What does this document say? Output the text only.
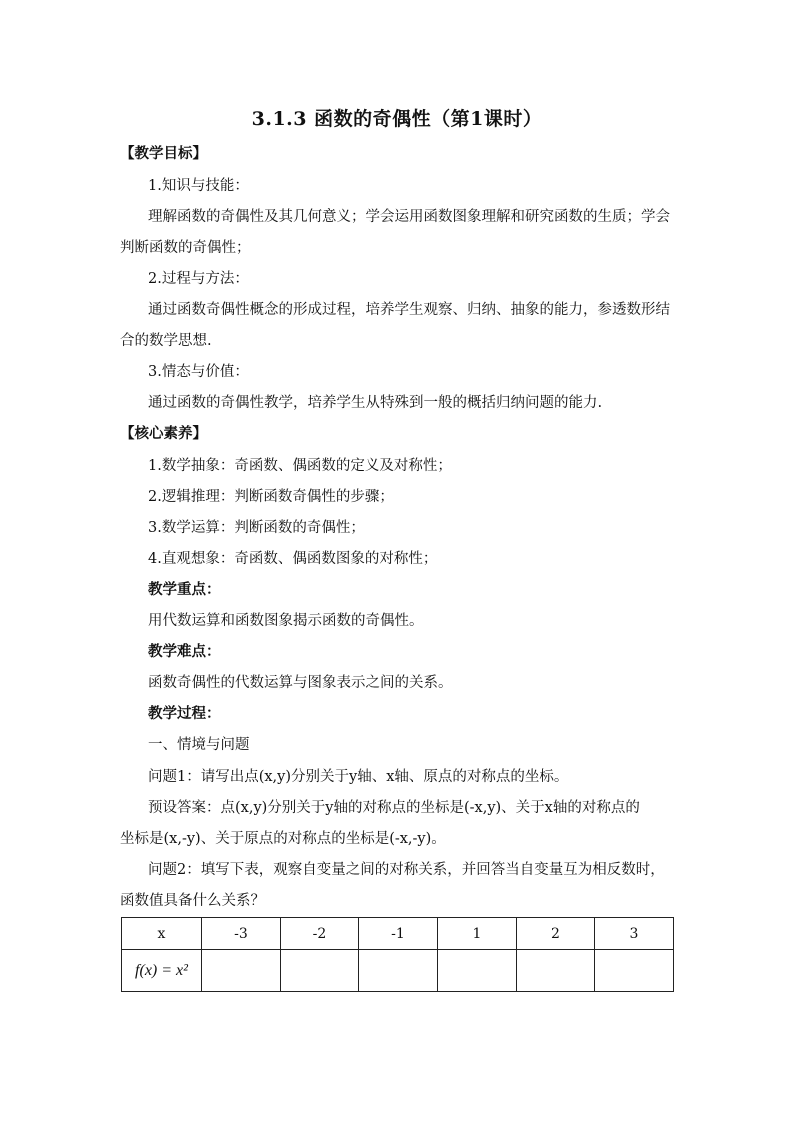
3.1.3 函数的奇偶性（第1课时）
【教学目标】
1.知识与技能：
理解函数的奇偶性及其几何意义；学会运用函数图象理解和研究函数的生质；学会
判断函数的奇偶性；
2.过程与方法：
通过函数奇偶性概念的形成过程，培养学生观察、归纳、抽象的能力，参透数形结
合的数学思想.
3.情态与价值：
通过函数的奇偶性教学，培养学生从特殊到一般的概括归纳问题的能力.
【核心素养】
1.数学抽象：奇函数、偶函数的定义及对称性；
2.逻辑推理：判断函数奇偶性的步骤；
3.数学运算：判断函数的奇偶性；
4.直观想象：奇函数、偶函数图象的对称性；
教学重点：
用代数运算和函数图象揭示函数的奇偶性。
教学难点：
函数奇偶性的代数运算与图象表示之间的关系。
教学过程：
一、情境与问题
问题1：请写出点(x,y)分别关于y轴、x轴、原点的对称点的坐标。
预设答案：点(x,y)分别关于y轴的对称点的坐标是(-x,y)、关于x轴的对称点的
坐标是(x,-y)、关于原点的对称点的坐标是(-x,-y)。
问题2：填写下表，观察自变量之间的对称关系，并回答当自变量互为相反数时，
函数值具备什么关系？
x	-3	-2	-1	1	2	3
f(x) = x²						
